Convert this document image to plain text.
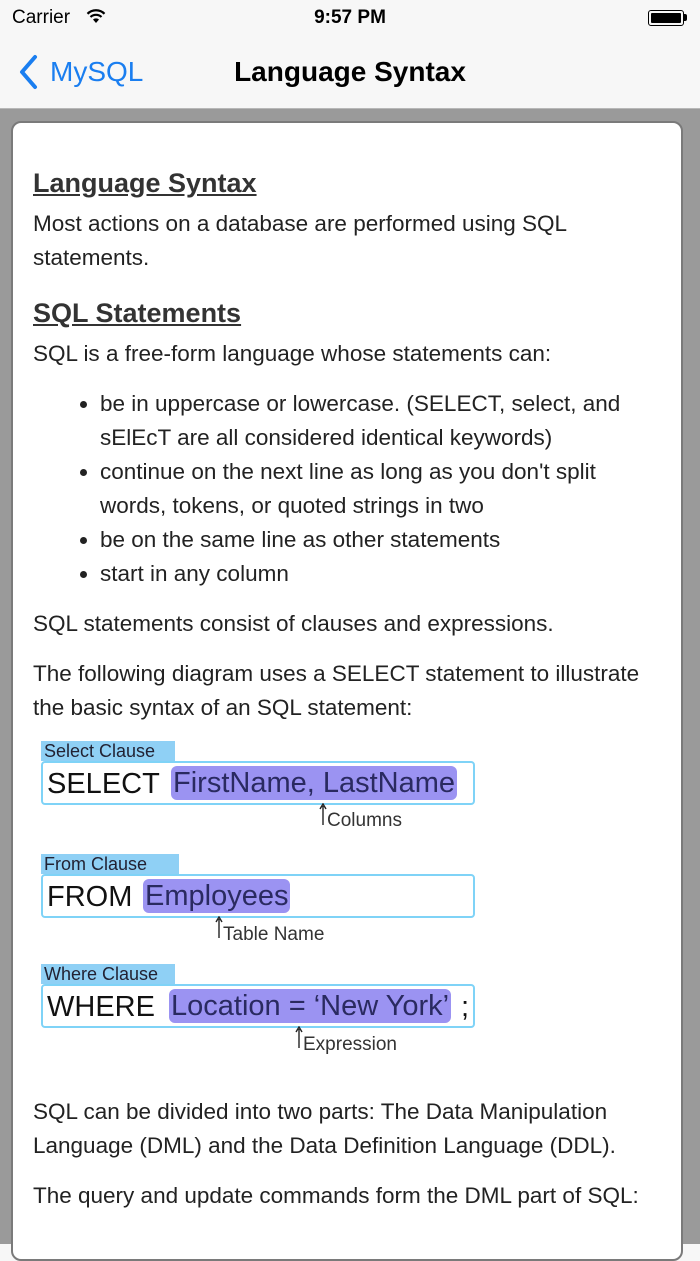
Carrier	9:57 PM
MySQL	Language Syntax
Language Syntax

Most actions on a database are performed using SQL statements.

SQL Statements

SQL is a free-form language whose statements can:

• be in uppercase or lowercase. (SELECT, select, and sElEcT are all considered identical keywords)
• continue on the next line as long as you don't split words, tokens, or quoted strings in two
• be on the same line as other statements
• start in any column

SQL statements consist of clauses and expressions.

The following diagram uses a SELECT statement to illustrate the basic syntax of an SQL statement:

Select Clause
SELECT FirstName, LastName
Columns
From Clause
FROM Employees
Table Name
Where Clause
WHERE Location = ‘New York’ ;
Expression

SQL can be divided into two parts: The Data Manipulation Language (DML) and the Data Definition Language (DDL).

The query and update commands form the DML part of SQL:
